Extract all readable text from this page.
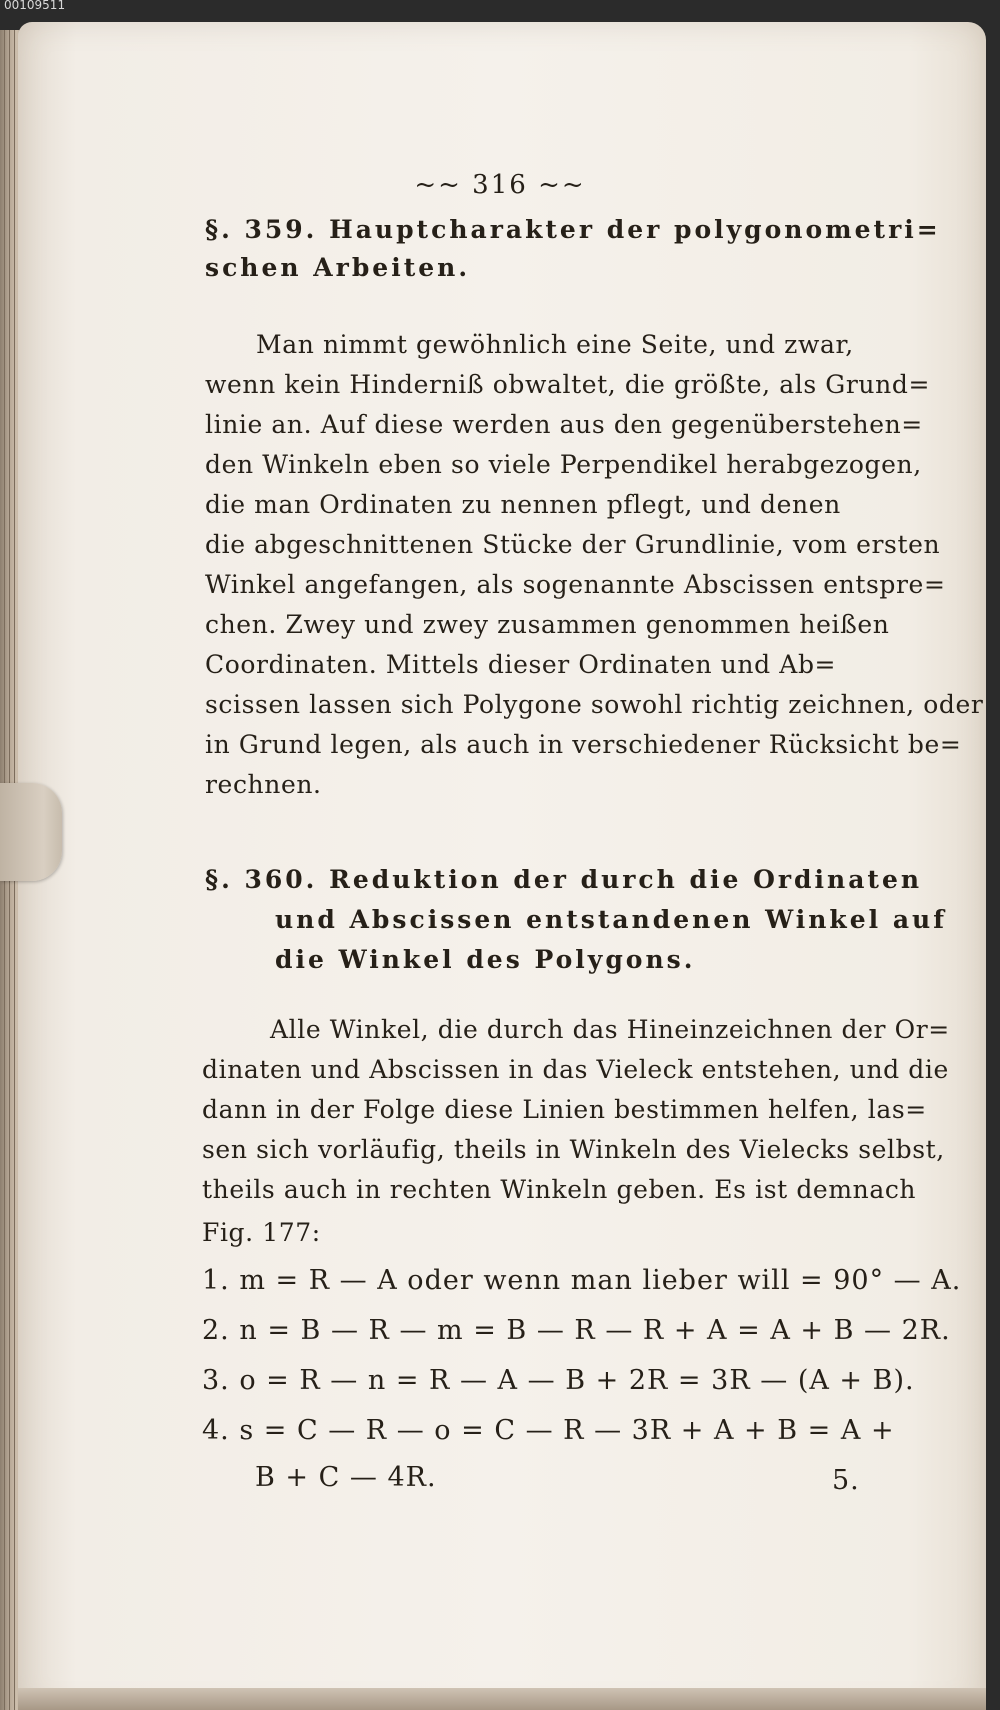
00109511
~~ 316 ~~
§. 359. Hauptcharakter der polygonometri=
schen Arbeiten.
Man nimmt gewöhnlich eine Seite, und zwar,
wenn kein Hinderniß obwaltet, die größte, als Grund=
linie an. Auf diese werden aus den gegenüberstehen=
den Winkeln eben so viele Perpendikel herabgezogen,
die man Ordinaten zu nennen pflegt, und denen
die abgeschnittenen Stücke der Grundlinie, vom ersten
Winkel angefangen, als sogenannte Abscissen entspre=
chen. Zwey und zwey zusammen genommen heißen
Coordinaten. Mittels dieser Ordinaten und Ab=
scissen lassen sich Polygone sowohl richtig zeichnen, oder
in Grund legen, als auch in verschiedener Rücksicht be=
rechnen.
§. 360. Reduktion der durch die Ordinaten
und Abscissen entstandenen Winkel auf
die Winkel des Polygons.
Alle Winkel, die durch das Hineinzeichnen der Or=
dinaten und Abscissen in das Vieleck entstehen, und die
dann in der Folge diese Linien bestimmen helfen, las=
sen sich vorläufig, theils in Winkeln des Vielecks selbst,
theils auch in rechten Winkeln geben. Es ist demnach
Fig. 177:
1. m = R — A oder wenn man lieber will = 90° — A.
2. n = B — R — m = B — R — R + A = A + B — 2R.
3. o = R — n = R — A — B + 2R = 3R — (A + B).
4. s = C — R — o = C — R — 3R + A + B = A +
B + C — 4R.	5.
